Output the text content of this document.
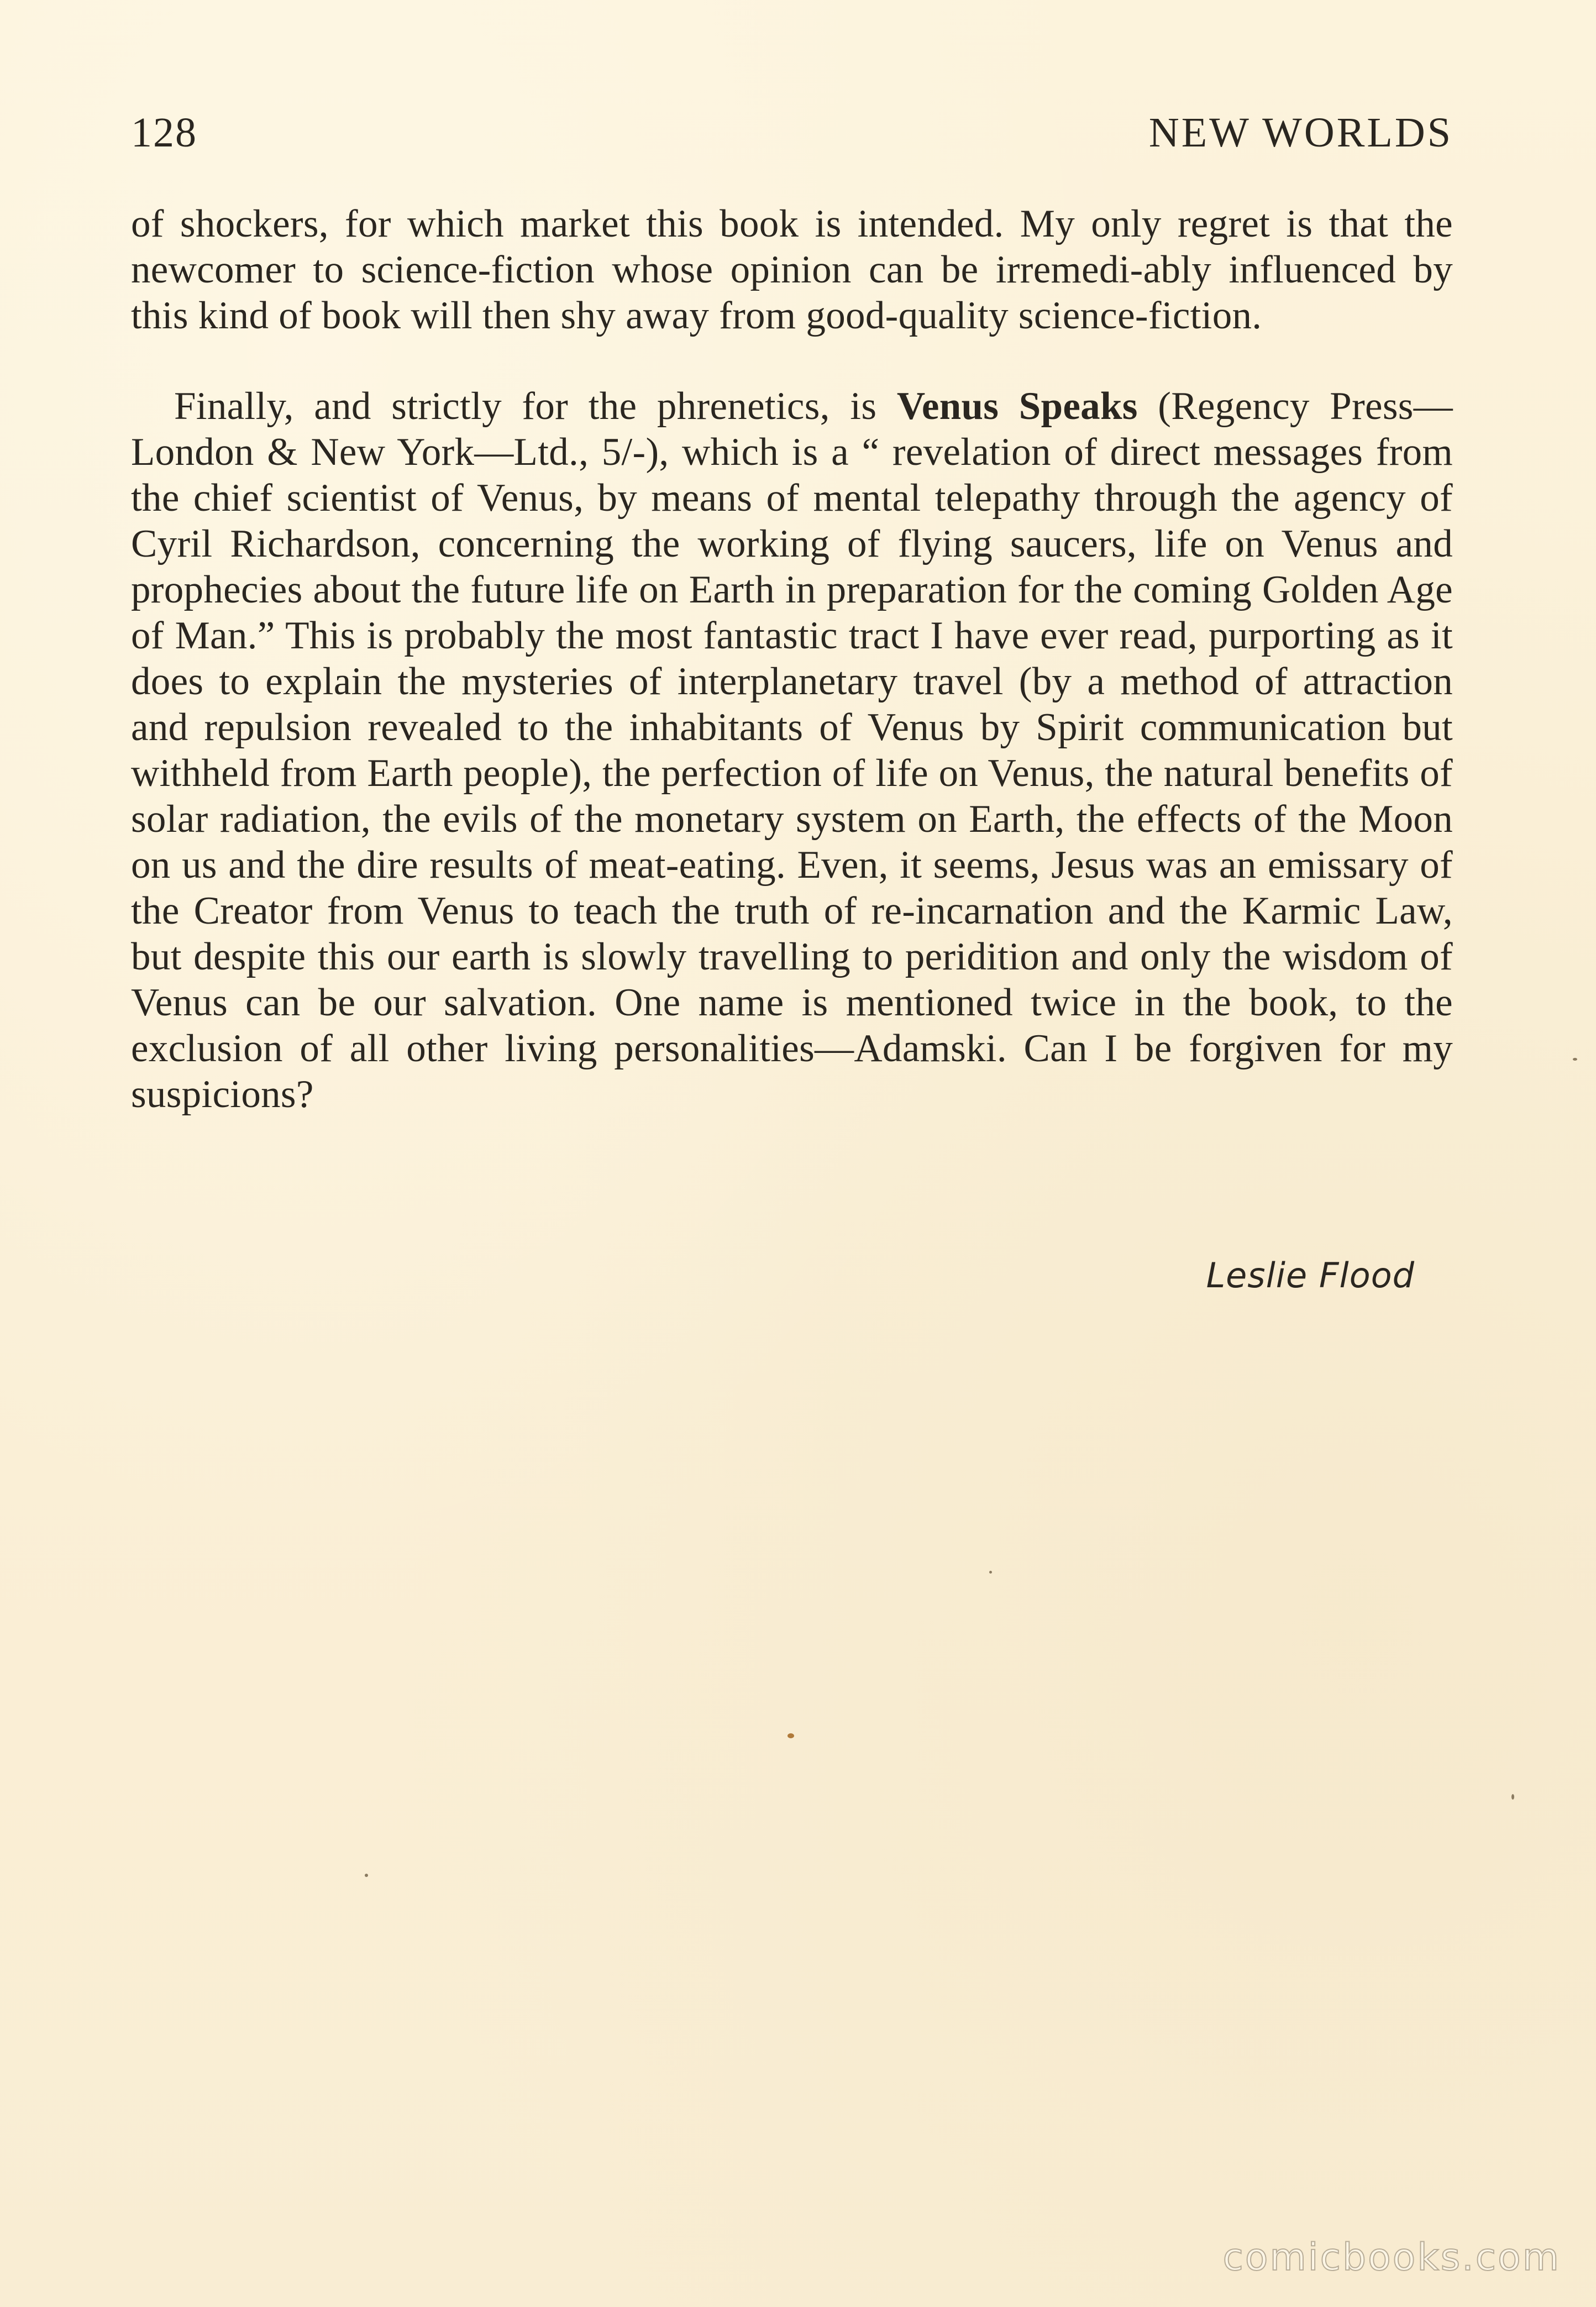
128	NEW WORLDS

of shockers, for which market this book is intended. My only regret is that the newcomer to science-fiction whose opinion can be irremedi-ably influenced by this kind of book will then shy away from good-quality science-fiction.

Finally, and strictly for the phrenetics, is Venus Speaks (Regency Press—London & New York—Ltd., 5/-), which is a “ revelation of direct messages from the chief scientist of Venus, by means of mental telepathy through the agency of Cyril Richardson, concerning the working of flying saucers, life on Venus and prophecies about the future life on Earth in preparation for the coming Golden Age of Man.” This is probably the most fantastic tract I have ever read, purporting as it does to explain the mysteries of interplanetary travel (by a method of attraction and repulsion revealed to the inhabitants of Venus by Spirit communication but withheld from Earth people), the perfection of life on Venus, the natural benefits of solar radiation, the evils of the monetary system on Earth, the effects of the Moon on us and the dire results of meat-eating. Even, it seems, Jesus was an emissary of the Creator from Venus to teach the truth of re-incarnation and the Karmic Law, but despite this our earth is slowly travelling to peridition and only the wisdom of Venus can be our salvation. One name is mentioned twice in the book, to the exclusion of all other living personalities—Adamski. Can I be forgiven for my suspicions?

Leslie Flood
comicbooks.com
